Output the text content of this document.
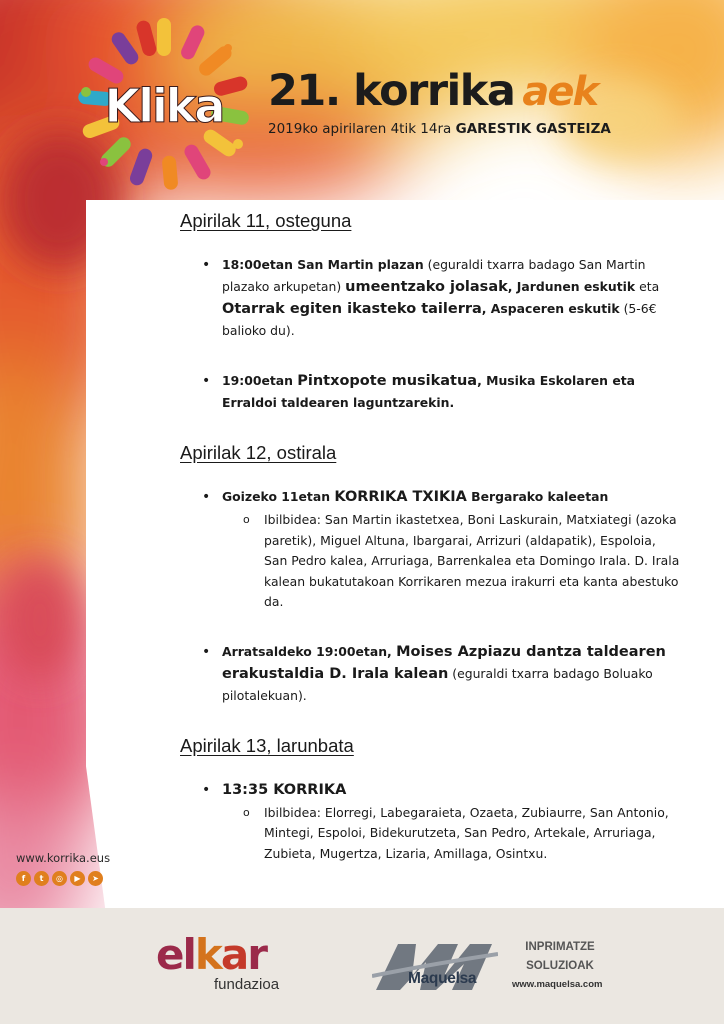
Klika 21. korrika aek
2019ko apirilaren 4tik 14ra GARESTIK GASTEIZA
Apirilak 11, osteguna
• 18:00etan San Martin plazan (eguraldi txarra badago San Martin plazako arkupetan) umeentzako jolasak, Jardunen eskutik eta Otarrak egiten ikasteko tailerra, Aspaceren eskutik (5-6€ balioko du).
• 19:00etan Pintxopote musikatua, Musika Eskolaren eta Erraldoi taldearen laguntzarekin.
Apirilak 12, ostirala
• Goizeko 11etan KORRIKA TXIKIA Bergarako kaleetan
o Ibilbidea: San Martin ikastetxea, Boni Laskurain, Matxiategi (azoka paretik), Miguel Altuna, Ibargarai, Arrizuri (aldapatik), Espoloia, San Pedro kalea, Arruriaga, Barrenkalea eta Domingo Irala. D. Irala kalean bukatutakoan Korrikaren mezua irakurri eta kanta abestuko da.
• Arratsaldeko 19:00etan, Moises Azpiazu dantza taldearen erakustaldia D. Irala kalean (eguraldi txarra badago Boluako pilotalekuan).
Apirilak 13, larunbata
• 13:35 KORRIKA
o Ibilbidea: Elorregi, Labegaraieta, Ozaeta, Zubiaurre, San Antonio, Mintegi, Espoloi, Bidekurutzeta, San Pedro, Artekale, Arruriaga, Zubieta, Mugertza, Lizaria, Amillaga, Osintxu.
www.korrika.eus
f	t	◎	▶	➤
elkar
fundazioa	Maquelsa
INPRIMATZE
SOLUZIOAK
www.maquelsa.com
